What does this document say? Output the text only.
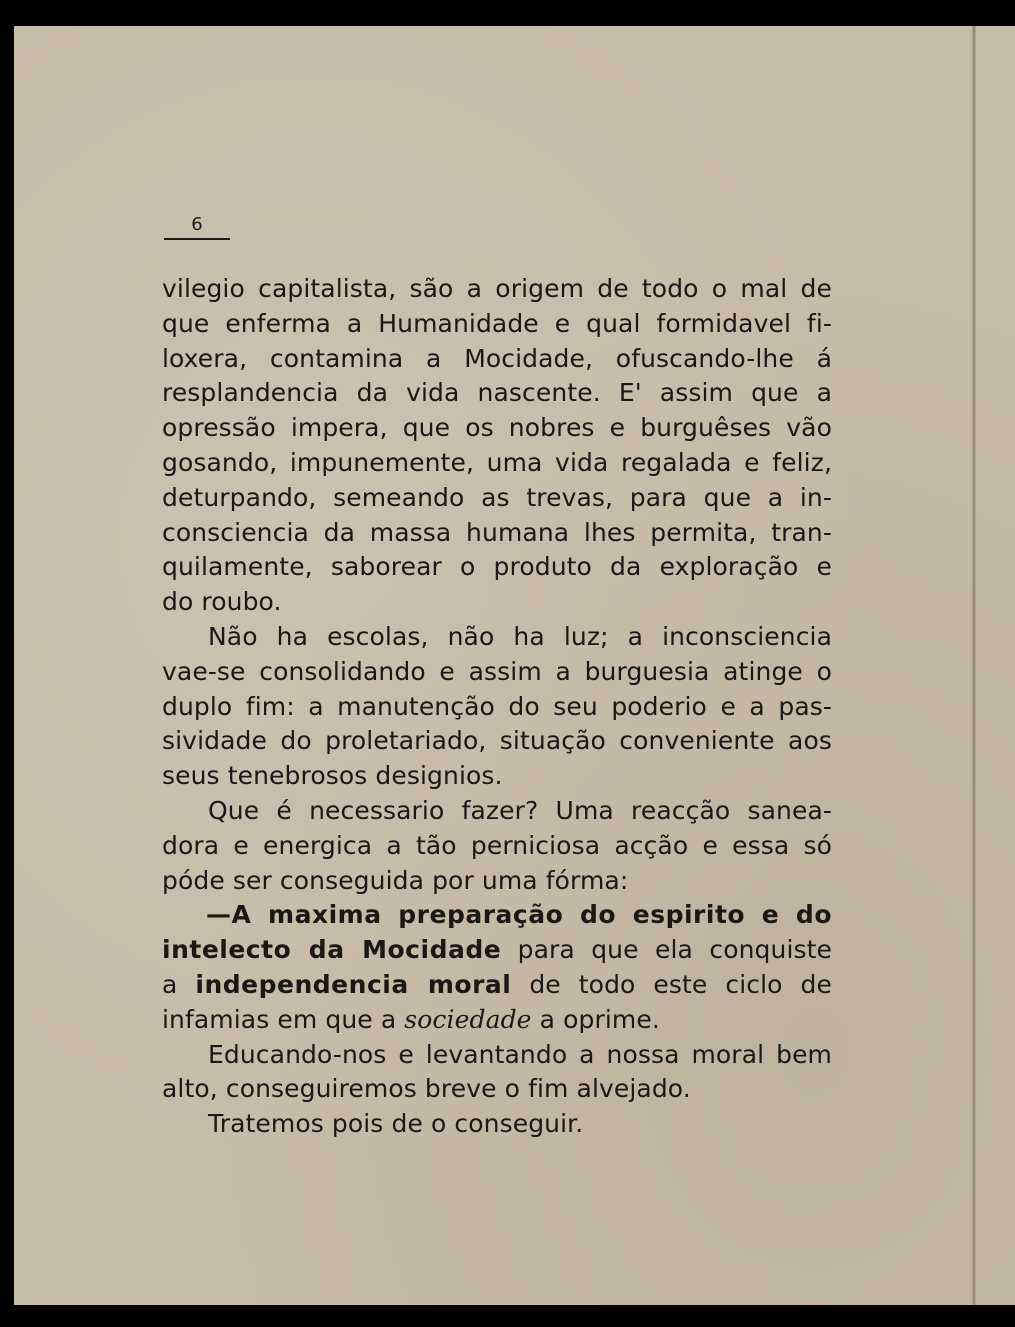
6
vilegio capitalista, são a origem de todo o mal de
que enferma a Humanidade e qual formidavel fi-
loxera, contamina a Mocidade, ofuscando-lhe á
resplandencia da vida nascente. E' assim que a
opressão impera, que os nobres e burguêses vão
gosando, impunemente, uma vida regalada e feliz,
deturpando, semeando as trevas, para que a in-
consciencia da massa humana lhes permita, tran-
quilamente, saborear o produto da exploração e
do roubo.
Não ha escolas, não ha luz; a inconsciencia
vae-se consolidando e assim a burguesia atinge o
duplo fim: a manutenção do seu poderio e a pas-
sividade do proletariado, situação conveniente aos
seus tenebrosos designios.
Que é necessario fazer? Uma reacção sanea-
dora e energica a tão perniciosa acção e essa só
póde ser conseguida por uma fórma:
—A maxima preparação do espirito e do
intelecto da Mocidade para que ela conquiste
a independencia moral de todo este ciclo de
infamias em que a sociedade a oprime.
Educando-nos e levantando a nossa moral bem
alto, conseguiremos breve o fim alvejado.
Tratemos pois de o conseguir.
